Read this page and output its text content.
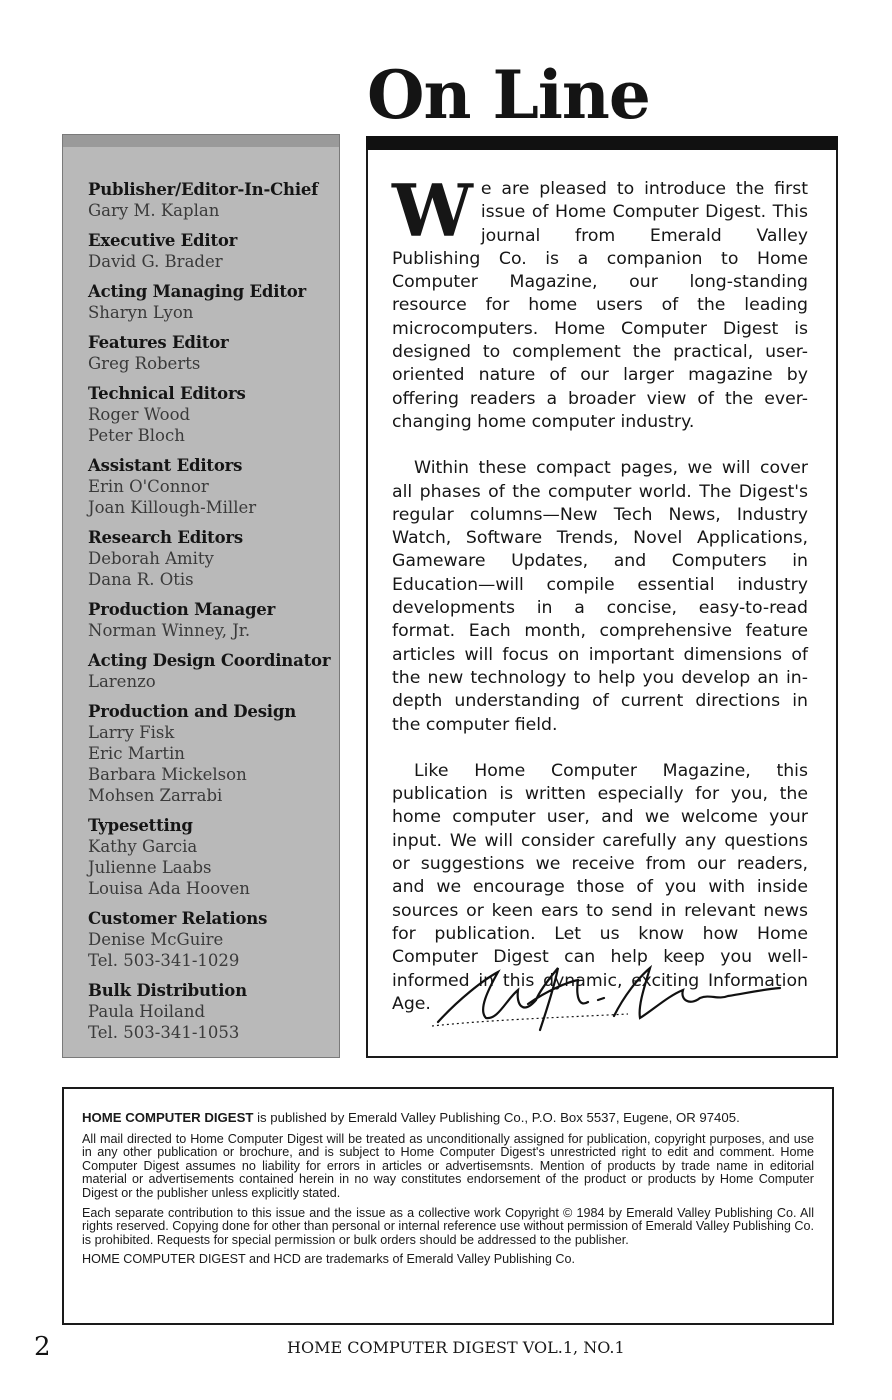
On Line
Publisher/Editor-In-Chief
Gary M. Kaplan
Executive Editor
David G. Brader
Acting Managing Editor
Sharyn Lyon
Features Editor
Greg Roberts
Technical Editors
Roger Wood
Peter Bloch
Assistant Editors
Erin O'Connor
Joan Killough-Miller
Research Editors
Deborah Amity
Dana R. Otis
Production Manager
Norman Winney, Jr.
Acting Design Coordinator
Larenzo
Production and Design
Larry Fisk
Eric Martin
Barbara Mickelson
Mohsen Zarrabi
Typesetting
Kathy Garcia
Julienne Laabs
Louisa Ada Hooven
Customer Relations
Denise McGuire
Tel. 503-341-1029
Bulk Distribution
Paula Hoiland
Tel. 503-341-1053

We are pleased to introduce the first issue of Home Computer Digest. This journal from Emerald Valley Publishing Co. is a companion to Home Computer Magazine, our long-standing resource for home users of the leading microcomputers. Home Computer Digest is designed to complement the practical, user-oriented nature of our larger magazine by offering readers a broader view of the ever-changing home computer industry.

Within these compact pages, we will cover all phases of the computer world. The Digest's regular columns—New Tech News, Industry Watch, Software Trends, Novel Applications, Gameware Updates, and Computers in Education—will compile essential industry developments in a concise, easy-to-read format. Each month, comprehensive feature articles will focus on important dimensions of the new technology to help you develop an in-depth understanding of current directions in the computer field.

Like Home Computer Magazine, this publication is written especially for you, the home computer user, and we welcome your input. We will consider carefully any questions or suggestions we receive from our readers, and we encourage those of you with inside sources or keen ears to send in relevant news for publication. Let us know how Home Computer Digest can help keep you well-informed in this dynamic, exciting Information Age.

HOME COMPUTER DIGEST is published by Emerald Valley Publishing Co., P.O. Box 5537, Eugene, OR 97405.

All mail directed to Home Computer Digest will be treated as unconditionally assigned for publication, copyright purposes, and use in any other publication or brochure, and is subject to Home Computer Digest's unrestricted right to edit and comment. Home Computer Digest assumes no liability for errors in articles or advertisemsnts. Mention of products by trade name in editorial material or advertisements contained herein in no way constitutes endorsement of the product or products by Home Computer Digest or the publisher unless explicitly stated.

Each separate contribution to this issue and the issue as a collective work Copyright © 1984 by Emerald Valley Publishing Co. All rights reserved. Copying done for other than personal or internal reference use without permission of Emerald Valley Publishing Co. is prohibited. Requests for special permission or bulk orders should be addressed to the publisher.

HOME COMPUTER DIGEST and HCD are trademarks of Emerald Valley Publishing Co.

2	HOME COMPUTER DIGEST VOL.1, NO.1
